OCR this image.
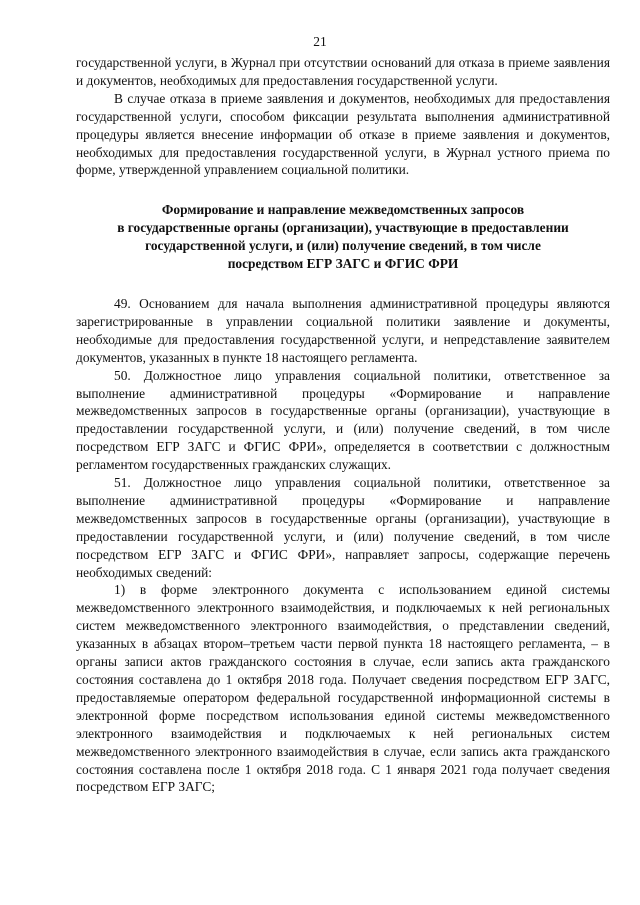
21

государственной услуги, в Журнал при отсутствии оснований для отказа в приеме заявления и документов, необходимых для предоставления государственной услуги.

В случае отказа в приеме заявления и документов, необходимых для предоставления государственной услуги, способом фиксации результата выполнения административной процедуры является внесение информации об отказе в приеме заявления и документов, необходимых для предоставления государственной услуги, в Журнал устного приема по форме, утвержденной управлением социальной политики.

Формирование и направление межведомственных запросов
в государственные органы (организации), участвующие в предоставлении
государственной услуги, и (или) получение сведений, в том числе
посредством ЕГР ЗАГС и ФГИС ФРИ

49. Основанием для начала выполнения административной процедуры являются зарегистрированные в управлении социальной политики заявление и документы, необходимые для предоставления государственной услуги, и непредставление заявителем документов, указанных в пункте 18 настоящего регламента.

50. Должностное лицо управления социальной политики, ответственное за выполнение административной процедуры «Формирование и направление межведомственных запросов в государственные органы (организации), участвующие в предоставлении государственной услуги, и (или) получение сведений, в том числе посредством ЕГР ЗАГС и ФГИС ФРИ», определяется в соответствии с должностным регламентом государственных гражданских служащих.

51. Должностное лицо управления социальной политики, ответственное за выполнение административной процедуры «Формирование и направление межведомственных запросов в государственные органы (организации), участвующие в предоставлении государственной услуги, и (или) получение сведений, в том числе посредством ЕГР ЗАГС и ФГИС ФРИ», направляет запросы, содержащие перечень необходимых сведений:

1) в форме электронного документа с использованием единой системы межведомственного электронного взаимодействия, и подключаемых к ней региональных систем межведомственного электронного взаимодействия, о представлении сведений, указанных в абзацах втором–третьем части первой пункта 18 настоящего регламента, – в органы записи актов гражданского состояния в случае, если запись акта гражданского состояния составлена до 1 октября 2018 года. Получает сведения посредством ЕГР ЗАГС, предоставляемые оператором федеральной государственной информационной системы в электронной форме посредством использования единой системы межведомственного электронного взаимодействия и подключаемых к ней региональных систем межведомственного электронного взаимодействия в случае, если запись акта гражданского состояния составлена после 1 октября 2018 года. С 1 января 2021 года получает сведения посредством ЕГР ЗАГС;
